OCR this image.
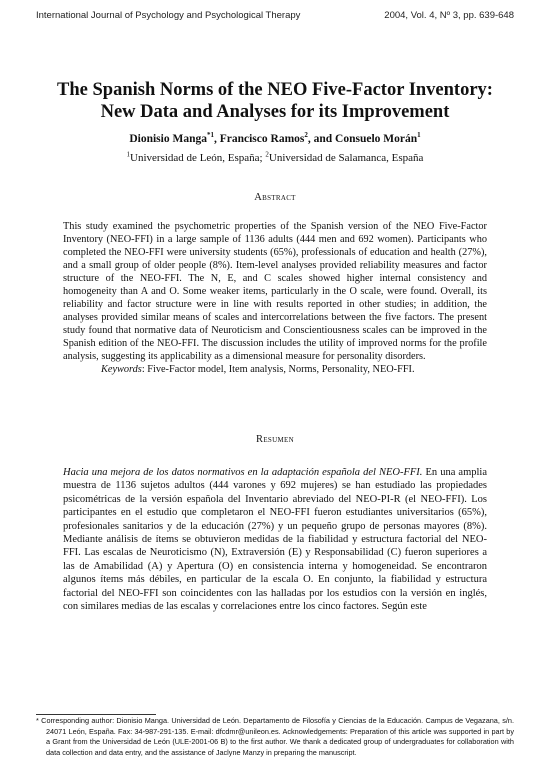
International Journal of Psychology and Psychological Therapy	2004, Vol. 4, Nº 3, pp. 639-648
The Spanish Norms of the NEO Five-Factor Inventory:
New Data and Analyses for its Improvement
Dionisio Manga$^{*1}$, Francisco Ramos$^2$, and Consuelo Morán$^1$
$^1$Universidad de León, España; $^2$Universidad de Salamanca, España
Abstract

This study examined the psychometric properties of the Spanish version of the NEO Five-Factor Inventory (NEO-FFI) in a large sample of 1136 adults (444 men and 692 women). Participants who completed the NEO-FFI were university students (65%), professionals of education and health (27%), and a small group of older people (8%). Item-level analyses provided reliability measures and factor structure of the NEO-FFI. The N, E, and C scales showed higher internal consistency and homogeneity than A and O. Some weaker items, particularly in the O scale, were found. Overall, its reliability and factor structure were in line with results reported in other studies; in addition, the analyses provided similar means of scales and intercorrelations between the five factors. The present study found that normative data of Neuroticism and Conscientiousness scales can be improved in the Spanish edition of the NEO-FFI. The discussion includes the utility of improved norms for the profile analysis, suggesting its applicability as a dimensional measure for personality disorders.

Keywords: Five-Factor model, Item analysis, Norms, Personality, NEO-FFI.

Resumen

Hacia una mejora de los datos normativos en la adaptación española del NEO-FFI. En una amplia muestra de 1136 sujetos adultos (444 varones y 692 mujeres) se han estudiado las propiedades psicométricas de la versión española del Inventario abreviado del NEO-PI-R (el NEO-FFI). Los participantes en el estudio que completaron el NEO-FFI fueron estudiantes universitarios (65%), profesionales sanitarios y de la educación (27%) y un pequeño grupo de personas mayores (8%). Mediante análisis de ítems se obtuvieron medidas de la fiabilidad y estructura factorial del NEO-FFI. Las escalas de Neuroticismo (N), Extraversión (E) y Responsabilidad (C) fueron superiores a las de Amabilidad (A) y Apertura (O) en consistencia interna y homogeneidad. Se encontraron algunos ítems más débiles, en particular de la escala O. En conjunto, la fiabilidad y estructura factorial del NEO-FFI son coincidentes con las halladas por los estudios con la versión en inglés, con similares medias de las escalas y correlaciones entre los cinco factores. Según este

* Corresponding author: Dionisio Manga. Universidad de León. Departamento de Filosofía y Ciencias de la Educación. Campus de Vegazana, s/n. 24071 León, España. Fax: 34-987-291-135. E-mail: dfcdmr@unileon.es. Acknowledgements: Preparation of this article was supported in part by a Grant from the Universidad de León (ULE-2001-06 B) to the first author. We thank a dedicated group of undergraduates for collaboration with data collection and data entry, and the assistance of Jaclyne Manzy in preparing the manuscript.
